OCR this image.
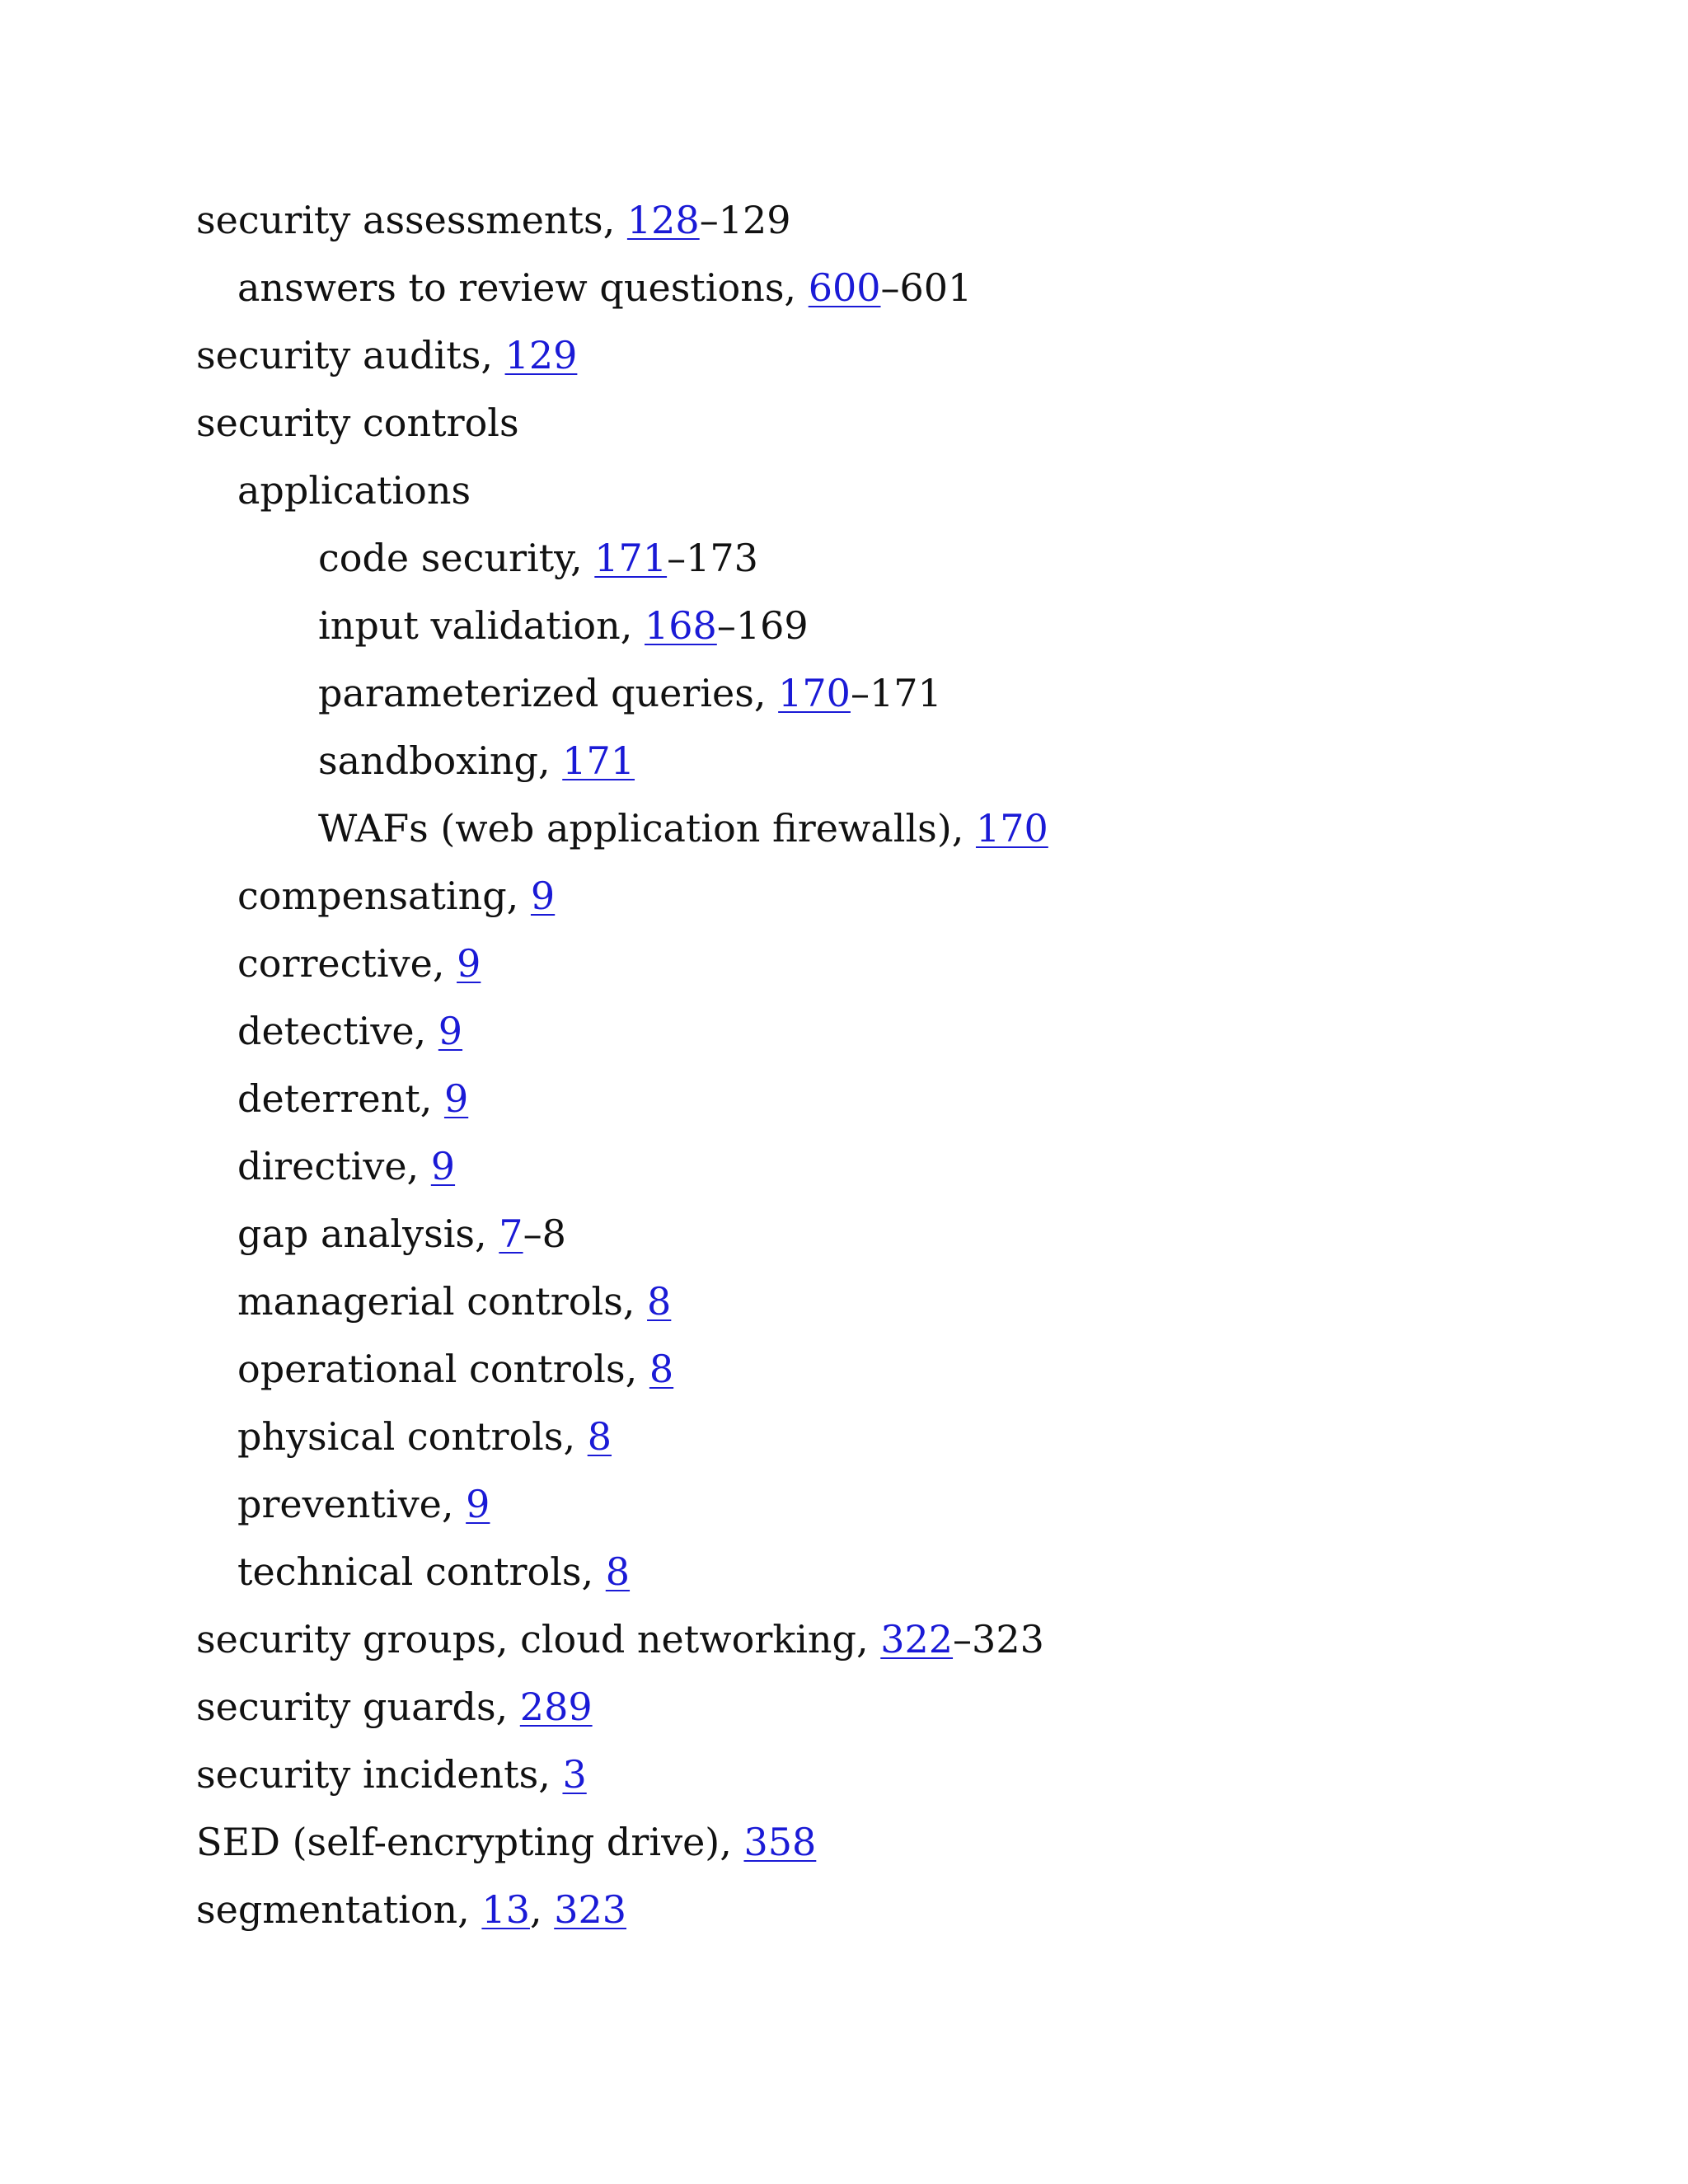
security assessments, 128–129
answers to review questions, 600–601
security audits, 129
security controls
applications
code security, 171–173
input validation, 168–169
parameterized queries, 170–171
sandboxing, 171
WAFs (web application firewalls), 170
compensating, 9
corrective, 9
detective, 9
deterrent, 9
directive, 9
gap analysis, 7–8
managerial controls, 8
operational controls, 8
physical controls, 8
preventive, 9
technical controls, 8
security groups, cloud networking, 322–323
security guards, 289
security incidents, 3
SED (self-encrypting drive), 358
segmentation, 13, 323
